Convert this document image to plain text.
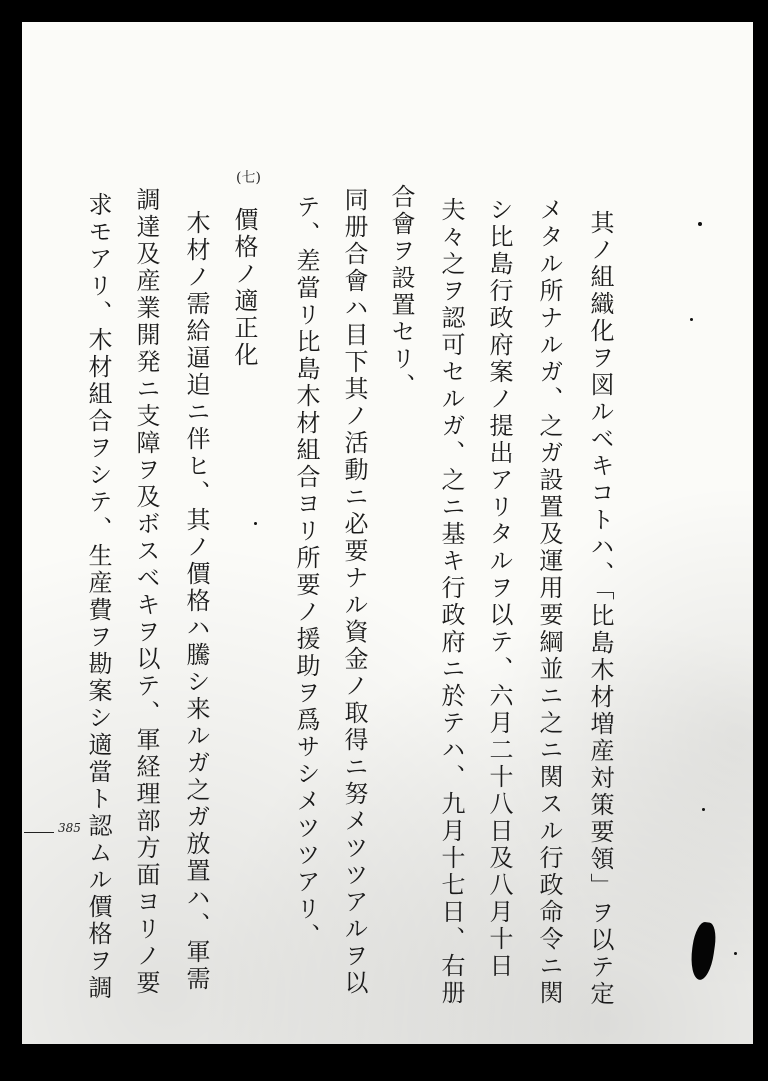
其ノ組織化ヲ図ルベキコトハ、「比島木材増産対策要領」ヲ以テ定
メタル所ナルガ、之ガ設置及運用要綱並ニ之ニ関スル行政命令ニ関
シ比島行政府案ノ提出アリタルヲ以テ、六月二十八日及八月十日
夫々之ヲ認可セルガ、之ニ基キ行政府ニ於テハ、九月十七日、右册
合會ヲ設置セリ、
同册合會ハ目下其ノ活動ニ必要ナル資金ノ取得ニ努メツツアルヲ以
テ、差當リ比島木材組合ヨリ所要ノ援助ヲ爲サシメツツアリ、
(七)
價格ノ適正化
木材ノ需給逼迫ニ伴ヒ、其ノ價格ハ騰シ来ルガ之ガ放置ハ、軍需
調達及産業開発ニ支障ヲ及ボスベキヲ以テ、軍経理部方面ヨリノ要
求モアリ、木材組合ヲシテ、生産費ヲ勘案シ適當ト認ムル價格ヲ調
385
